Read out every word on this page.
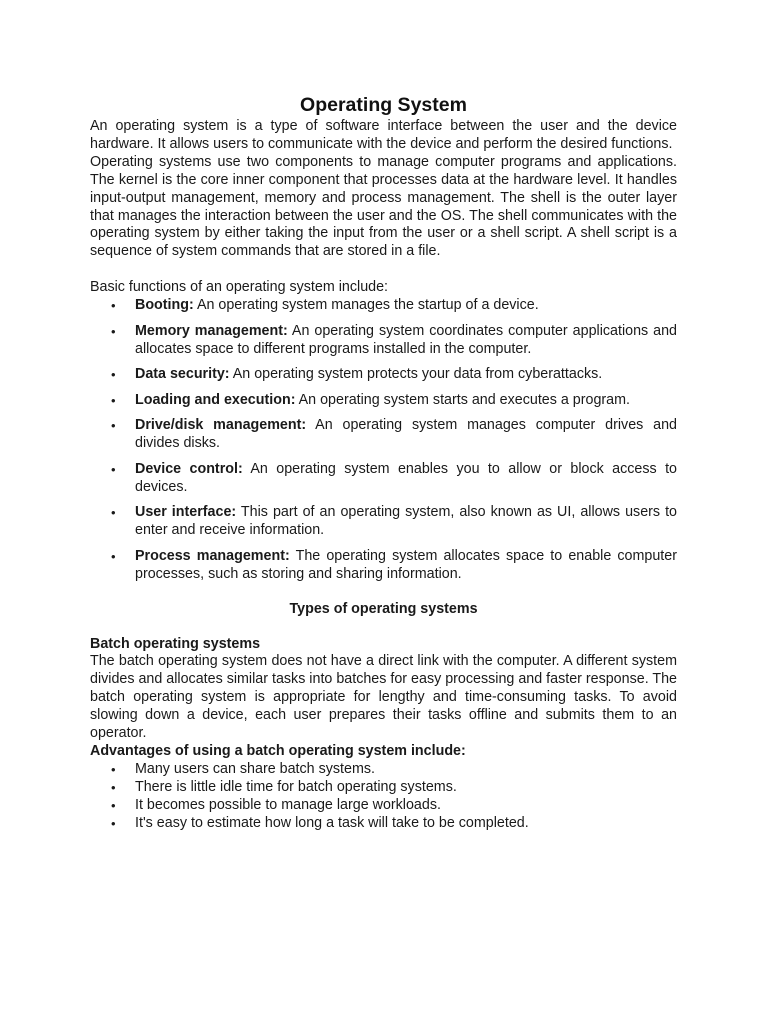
Operating System

An operating system is a type of software interface between the user and the device hardware. It allows users to communicate with the device and perform the desired functions.

Operating systems use two components to manage computer programs and applications. The kernel is the core inner component that processes data at the hardware level. It handles input-output management, memory and process management. The shell is the outer layer that manages the interaction between the user and the OS. The shell communicates with the operating system by either taking the input from the user or a shell script. A shell script is a sequence of system commands that are stored in a file.

Basic functions of an operating system include:

• Booting: An operating system manages the startup of a device.
• Memory management: An operating system coordinates computer applications and allocates space to different programs installed in the computer.
• Data security: An operating system protects your data from cyberattacks.
• Loading and execution: An operating system starts and executes a program.
• Drive/disk management: An operating system manages computer drives and divides disks.
• Device control: An operating system enables you to allow or block access to devices.
• User interface: This part of an operating system, also known as UI, allows users to enter and receive information.
• Process management: The operating system allocates space to enable computer processes, such as storing and sharing information.
Types of operating systems
Batch operating systems

The batch operating system does not have a direct link with the computer. A different system divides and allocates similar tasks into batches for easy processing and faster response. The batch operating system is appropriate for lengthy and time-consuming tasks. To avoid slowing down a device, each user prepares their tasks offline and submits them to an operator.

Advantages of using a batch operating system include:
• Many users can share batch systems.
• There is little idle time for batch operating systems.
• It becomes possible to manage large workloads.
• It's easy to estimate how long a task will take to be completed.
